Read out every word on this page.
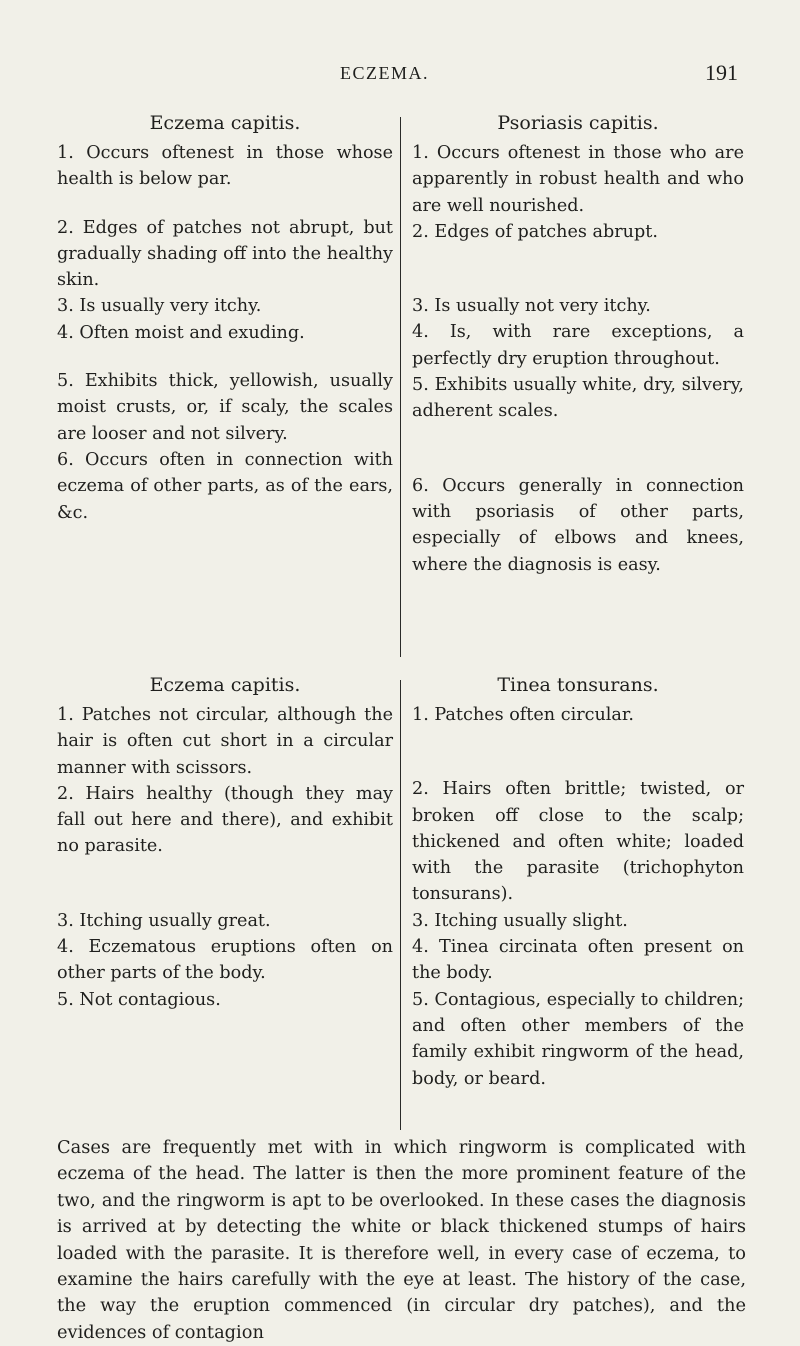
ECZEMA.	191

Eczema capitis.

1. Occurs oftenest in those whose health is below par.

2. Edges of patches not abrupt, but gradually shading off into the healthy skin.

3. Is usually very itchy.

4. Often moist and exuding.

5. Exhibits thick, yellowish, usually moist crusts, or, if scaly, the scales are looser and not silvery.

6. Occurs often in connection with eczema of other parts, as of the ears, &c.

Psoriasis capitis.

1. Occurs oftenest in those who are apparently in robust health and who are well nourished.

2. Edges of patches abrupt.

3. Is usually not very itchy.

4. Is, with rare exceptions, a perfectly dry eruption throughout.

5. Exhibits usually white, dry, silvery, adherent scales.

6. Occurs generally in connection with psoriasis of other parts, especially of elbows and knees, where the diagnosis is easy.

Eczema capitis.

1. Patches not circular, although the hair is often cut short in a circular manner with scissors.

2. Hairs healthy (though they may fall out here and there), and exhibit no parasite.

3. Itching usually great.

4. Eczematous eruptions often on other parts of the body.

5. Not contagious.

Tinea tonsurans.

1. Patches often circular.

2. Hairs often brittle; twisted, or broken off close to the scalp; thickened and often white; loaded with the parasite (trichophyton tonsurans).

3. Itching usually slight.

4. Tinea circinata often present on the body.

5. Contagious, especially to children; and often other members of the family exhibit ringworm of the head, body, or beard.

Cases are frequently met with in which ringworm is complicated with eczema of the head. The latter is then the more prominent feature of the two, and the ringworm is apt to be overlooked. In these cases the diagnosis is arrived at by detecting the white or black thickened stumps of hairs loaded with the parasite. It is therefore well, in every case of eczema, to examine the hairs carefully with the eye at least. The history of the case, the way the eruption commenced (in circular dry patches), and the evidences of contagion
